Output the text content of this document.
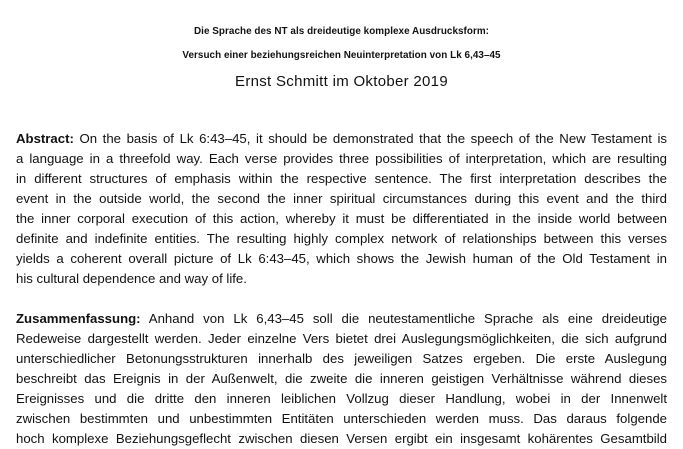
Die Sprache des NT als dreideutige komplexe Ausdrucksform:
Versuch einer beziehungsreichen Neuinterpretation von Lk 6,43–45
Ernst Schmitt im Oktober 2019
Abstract: On the basis of Lk 6:43–45, it should be demonstrated that the speech of the New Testament is
a language in a threefold way. Each verse provides three possibilities of interpretation, which are resulting
in different structures of emphasis within the respective sentence. The first interpretation describes the
event in the outside world, the second the inner spiritual circumstances during this event and the third
the inner corporal execution of this action, whereby it must be differentiated in the inside world between
definite and indefinite entities. The resulting highly complex network of relationships between this verses
yields a coherent overall picture of Lk 6:43–45, which shows the Jewish human of the Old Testament in
his cultural dependence and way of life.
Zusammenfassung: Anhand von Lk 6,43–45 soll die neutestamentliche Sprache als eine dreideutige
Redeweise dargestellt werden. Jeder einzelne Vers bietet drei Auslegungsmöglichkeiten, die sich aufgrund
unterschiedlicher Betonungsstrukturen innerhalb des jeweiligen Satzes ergeben. Die erste Auslegung
beschreibt das Ereignis in der Außenwelt, die zweite die inneren geistigen Verhältnisse während dieses
Ereignisses und die dritte den inneren leiblichen Vollzug dieser Handlung, wobei in der Innenwelt
zwischen bestimmten und unbestimmten Entitäten unterschieden werden muss. Das daraus folgende
hoch komplexe Beziehungsgeflecht zwischen diesen Versen ergibt ein insgesamt kohärentes Gesamtbild
